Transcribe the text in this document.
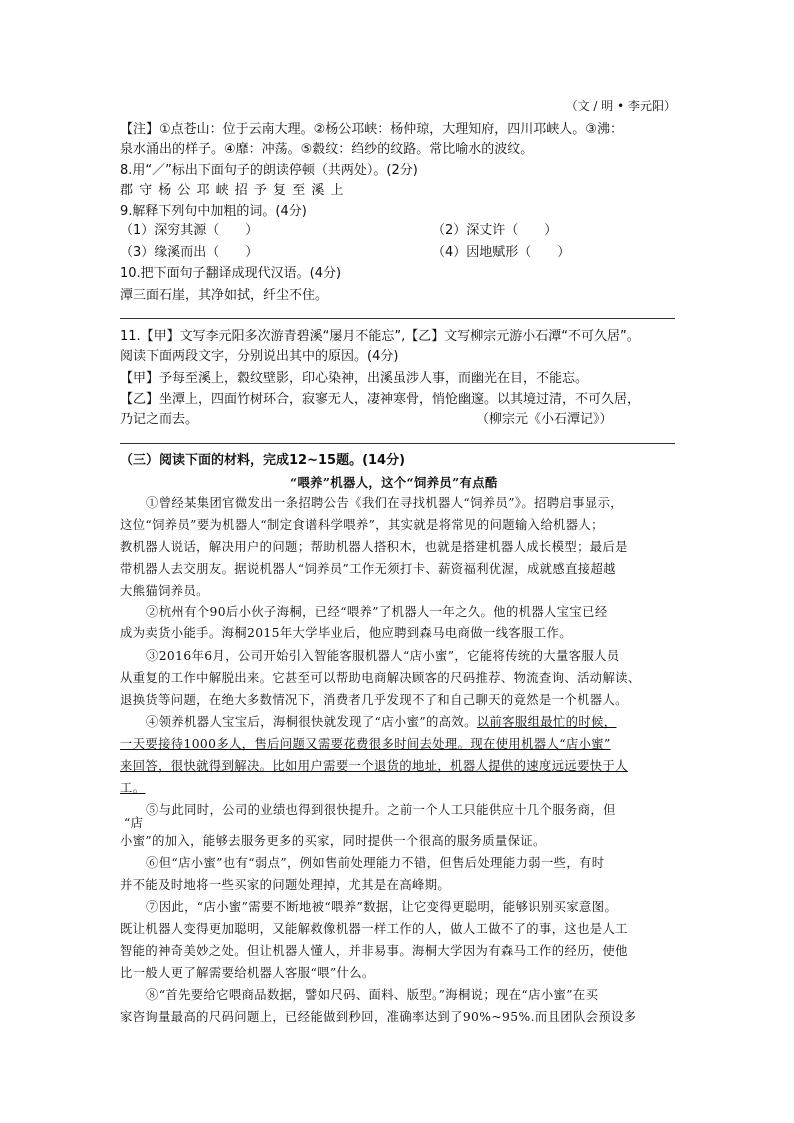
（文 / 明 • 李元阳）
【注】①点苍山：位于云南大理。②杨公邛峡：杨仲琼，大理知府，四川邛峡人。③沸：
泉水涌出的样子。④靡：冲荡。⑤縠纹：绉纱的纹路。常比喻水的波纹。
8.用“／”标出下面句子的朗读停顿（共两处）。(2分)
郡 守 杨 公 邛 峡 招 予 复 至 溪 上
9.解释下列句中加粗的词。(4分)
（1）深穷其源（　　）	（2）深丈许（　　）
（3）缘溪而出（　　）	（4）因地赋形（　　）
10.把下面句子翻译成现代汉语。(4分)
潭三面石崖，其净如拭，纤尘不住。
11.【甲】文写李元阳多次游青碧溪“屡月不能忘”,【乙】文写柳宗元游小石潭“不可久居”。
阅读下面两段文字，分别说出其中的原因。(4分)
【甲】予每至溪上，縠纹壁影，印心染神，出溪虽涉人事，而幽光在目，不能忘。
【乙】坐潭上，四面竹树环合，寂寥无人，凄神寒骨，悄怆幽邃。以其境过清，不可久居，
乃记之而去。	（柳宗元《小石潭记》）
（三）阅读下面的材料，完成12~15题。(14分)
“喂养”机器人，这个“饲养员”有点酷
①曾经某集团官微发出一条招聘公告《我们在寻找机器人“饲养员”》。招聘启事显示，
这位“饲养员”要为机器人“制定食谱科学喂养”，其实就是将常见的问题输入给机器人；
教机器人说话，解决用户的问题；帮助机器人搭积木，也就是搭建机器人成长模型；最后是
带机器人去交朋友。据说机器人“饲养员”工作无须打卡、薪资福利优渥，成就感直接超越
大熊猫饲养员。
②杭州有个90后小伙子海桐，已经“喂养”了机器人一年之久。他的机器人宝宝已经
成为卖货小能手。海桐2015年大学毕业后，他应聘到森马电商做一线客服工作。
③2016年6月，公司开始引入智能客服机器人“店小蜜”，它能将传统的大量客服人员
从重复的工作中解脱出来。它甚至可以帮助电商解决顾客的尺码推荐、物流查询、活动解读、
退换货等问题，在绝大多数情况下，消费者几乎发现不了和自己聊天的竟然是一个机器人。
④领养机器人宝宝后，海桐很快就发现了“店小蜜”的高效。以前客服组最忙的时候，
一天要接待1000多人，售后问题又需要花费很多时间去处理。现在使用机器人“店小蜜”
来回答，很快就得到解决。比如用户需要一个退货的地址，机器人提供的速度远远要快于人
工。
⑤与此同时，公司的业绩也得到很快提升。之前一个人工只能供应十几个服务商，但
“店
小蜜”的加入，能够去服务更多的买家，同时提供一个很高的服务质量保证。
⑥但“店小蜜”也有“弱点”，例如售前处理能力不错，但售后处理能力弱一些，有时
并不能及时地将一些买家的问题处理掉，尤其是在高峰期。
⑦因此，“店小蜜”需要不断地被“喂养”数据，让它变得更聪明，能够识别买家意图。
既让机器人变得更加聪明，又能解救像机器一样工作的人，做人工做不了的事，这也是人工
智能的神奇美妙之处。但让机器人懂人，并非易事。海桐大学因为有森马工作的经历，使他
比一般人更了解需要给机器人客服“喂”什么。
⑧“首先要给它喂商品数据，譬如尺码、面料、版型。”海桐说；现在“店小蜜”在买
家咨询量最高的尺码问题上，已经能做到秒回，准确率达到了90%~95%.而且团队会预设多
